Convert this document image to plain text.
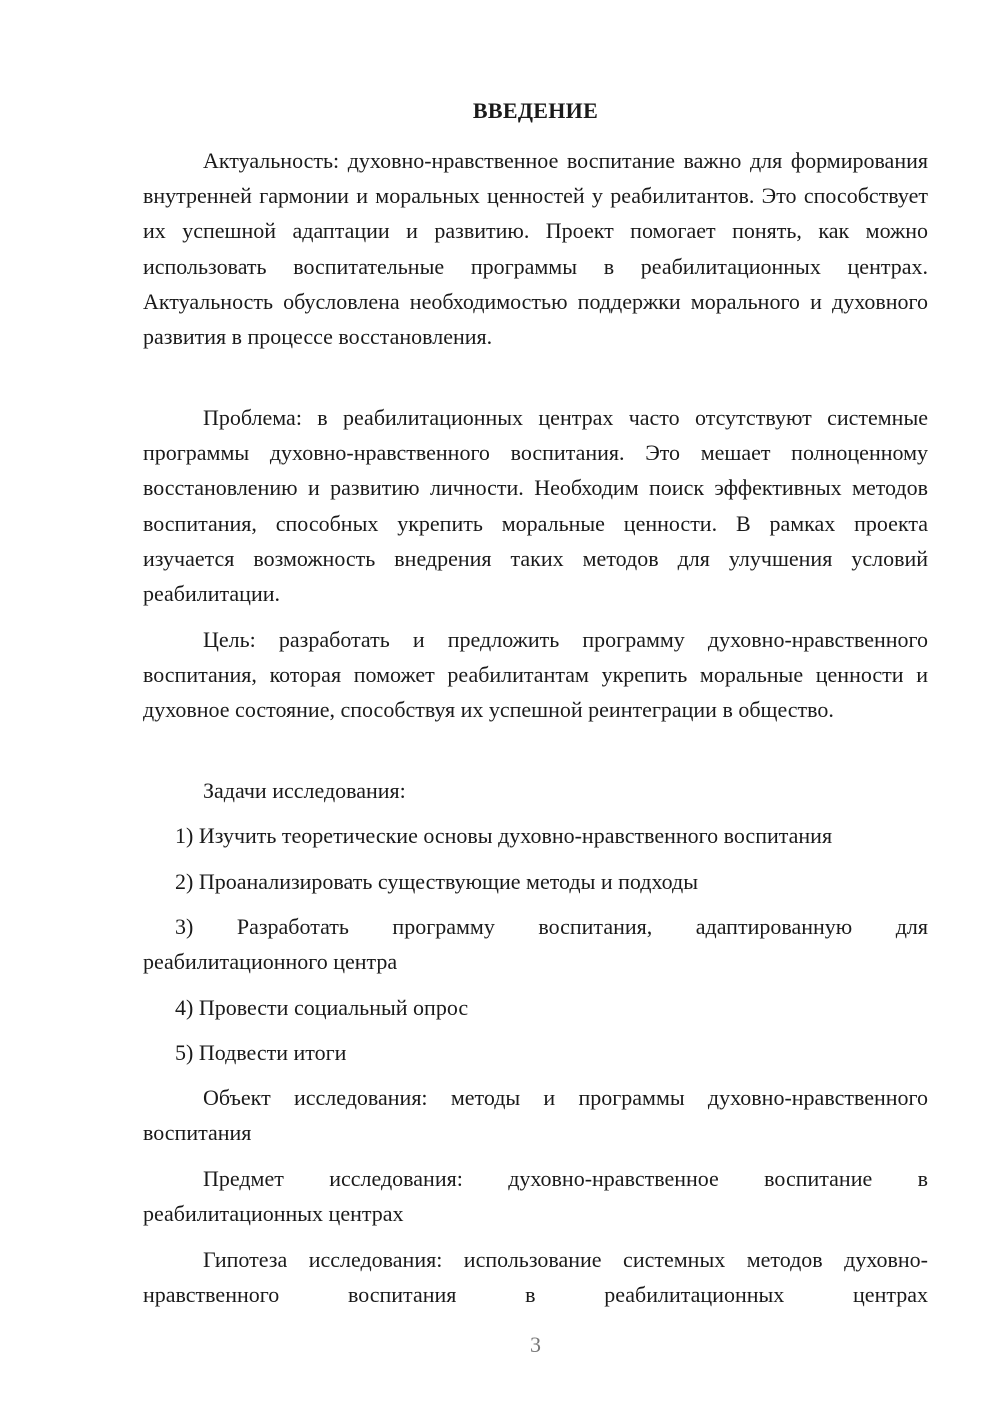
ВВЕДЕНИЕ

Актуальность: духовно-нравственное воспитание важно для формирования внутренней гармонии и моральных ценностей у реабилитантов. Это способствует их успешной адаптации и развитию. Проект помогает понять, как можно использовать воспитательные программы в реабилитационных центрах. Актуальность обусловлена необходимостью поддержки морального и духовного развития в процессе восстановления.

Проблема: в реабилитационных центрах часто отсутствуют системные программы духовно-нравственного воспитания. Это мешает полноценному восстановлению и развитию личности. Необходим поиск эффективных методов воспитания, способных укрепить моральные ценности. В рамках проекта изучается возможность внедрения таких методов для улучшения условий реабилитации.

Цель: разработать и предложить программу духовно-нравственного воспитания, которая поможет реабилитантам укрепить моральные ценности и духовное состояние, способствуя их успешной реинтеграции в общество.

Задачи исследования:

1) Изучить теоретические основы духовно-нравственного воспитания
2) Проанализировать существующие методы и подходы
3) Разработать программу воспитания, адаптированную для реабилитационного центра
4) Провести социальный опрос
5) Подвести итоги

Объект исследования: методы и программы духовно-нравственного воспитания

Предмет исследования: духовно-нравственное воспитание в реабилитационных центрах

Гипотеза исследования: использование системных методов духовно-нравственного воспитания в реабилитационных центрах

3
